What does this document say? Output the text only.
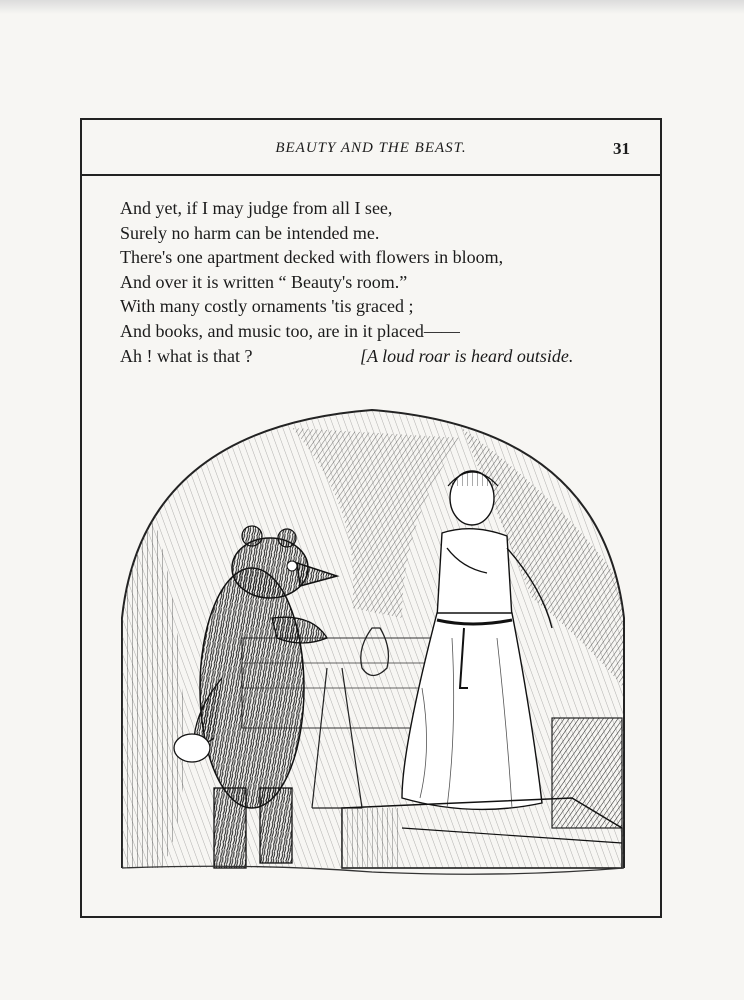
BEAUTY AND THE BEAST.	31
And yet, if I may judge from all I see,
Surely no harm can be intended me.
There's one apartment decked with flowers in bloom,
And over it is written “ Beauty's room.”
With many costly ornaments 'tis graced ;
And books, and music too, are in it placed——
Ah ! what is that ?	[A loud roar is heard outside.
